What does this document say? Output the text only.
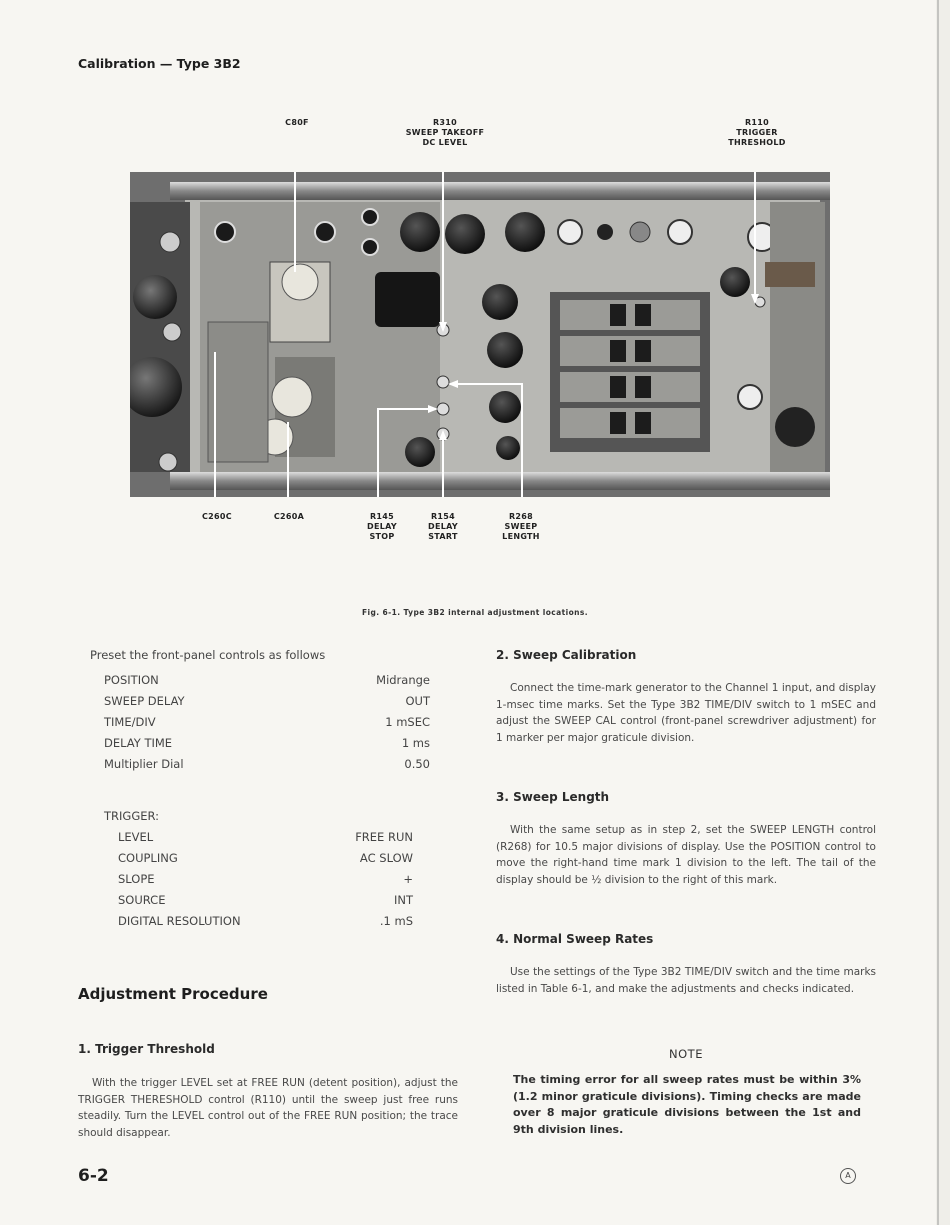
Calibration — Type 3B2
C80F	R310
SWEEP TAKEOFF
DC LEVEL
R110
TRIGGER
THRESHOLD
C260C	C260A	R145
DELAY
STOP
R154
DELAY
START
R268
SWEEP
LENGTH
Fig. 6-1. Type 3B2 internal adjustment locations.
Preset the front-panel controls as follows
POSITION	Midrange
SWEEP DELAY	OUT
TIME/DIV	1 mSEC
DELAY TIME	1 ms
Multiplier Dial	0.50
TRIGGER:
LEVEL	FREE RUN
COUPLING	AC SLOW
SLOPE	+
SOURCE	INT
DIGITAL RESOLUTION	.1 mS
Adjustment Procedure
1. Trigger Threshold
With the trigger LEVEL set at FREE RUN (detent position), adjust the TRIGGER THERESHOLD control (R110) until the sweep just free runs steadily. Turn the LEVEL control out of the FREE RUN position; the trace should disappear.
2. Sweep Calibration
Connect the time-mark generator to the Channel 1 input, and display 1-msec time marks. Set the Type 3B2 TIME/DIV switch to 1 mSEC and adjust the SWEEP CAL control (front-panel screwdriver adjustment) for 1 marker per major graticule division.
3. Sweep Length
With the same setup as in step 2, set the SWEEP LENGTH control (R268) for 10.5 major divisions of display. Use the POSITION control to move the right-hand time mark 1 division to the left. The tail of the display should be ½ division to the right of this mark.
4. Normal Sweep Rates
Use the settings of the Type 3B2 TIME/DIV switch and the time marks listed in Table 6-1, and make the adjustments and checks indicated.
NOTE
The timing error for all sweep rates must be within 3% (1.2 minor graticule divisions). Timing checks are made over 8 major graticule divisions between the 1st and 9th division lines.
6-2	A
